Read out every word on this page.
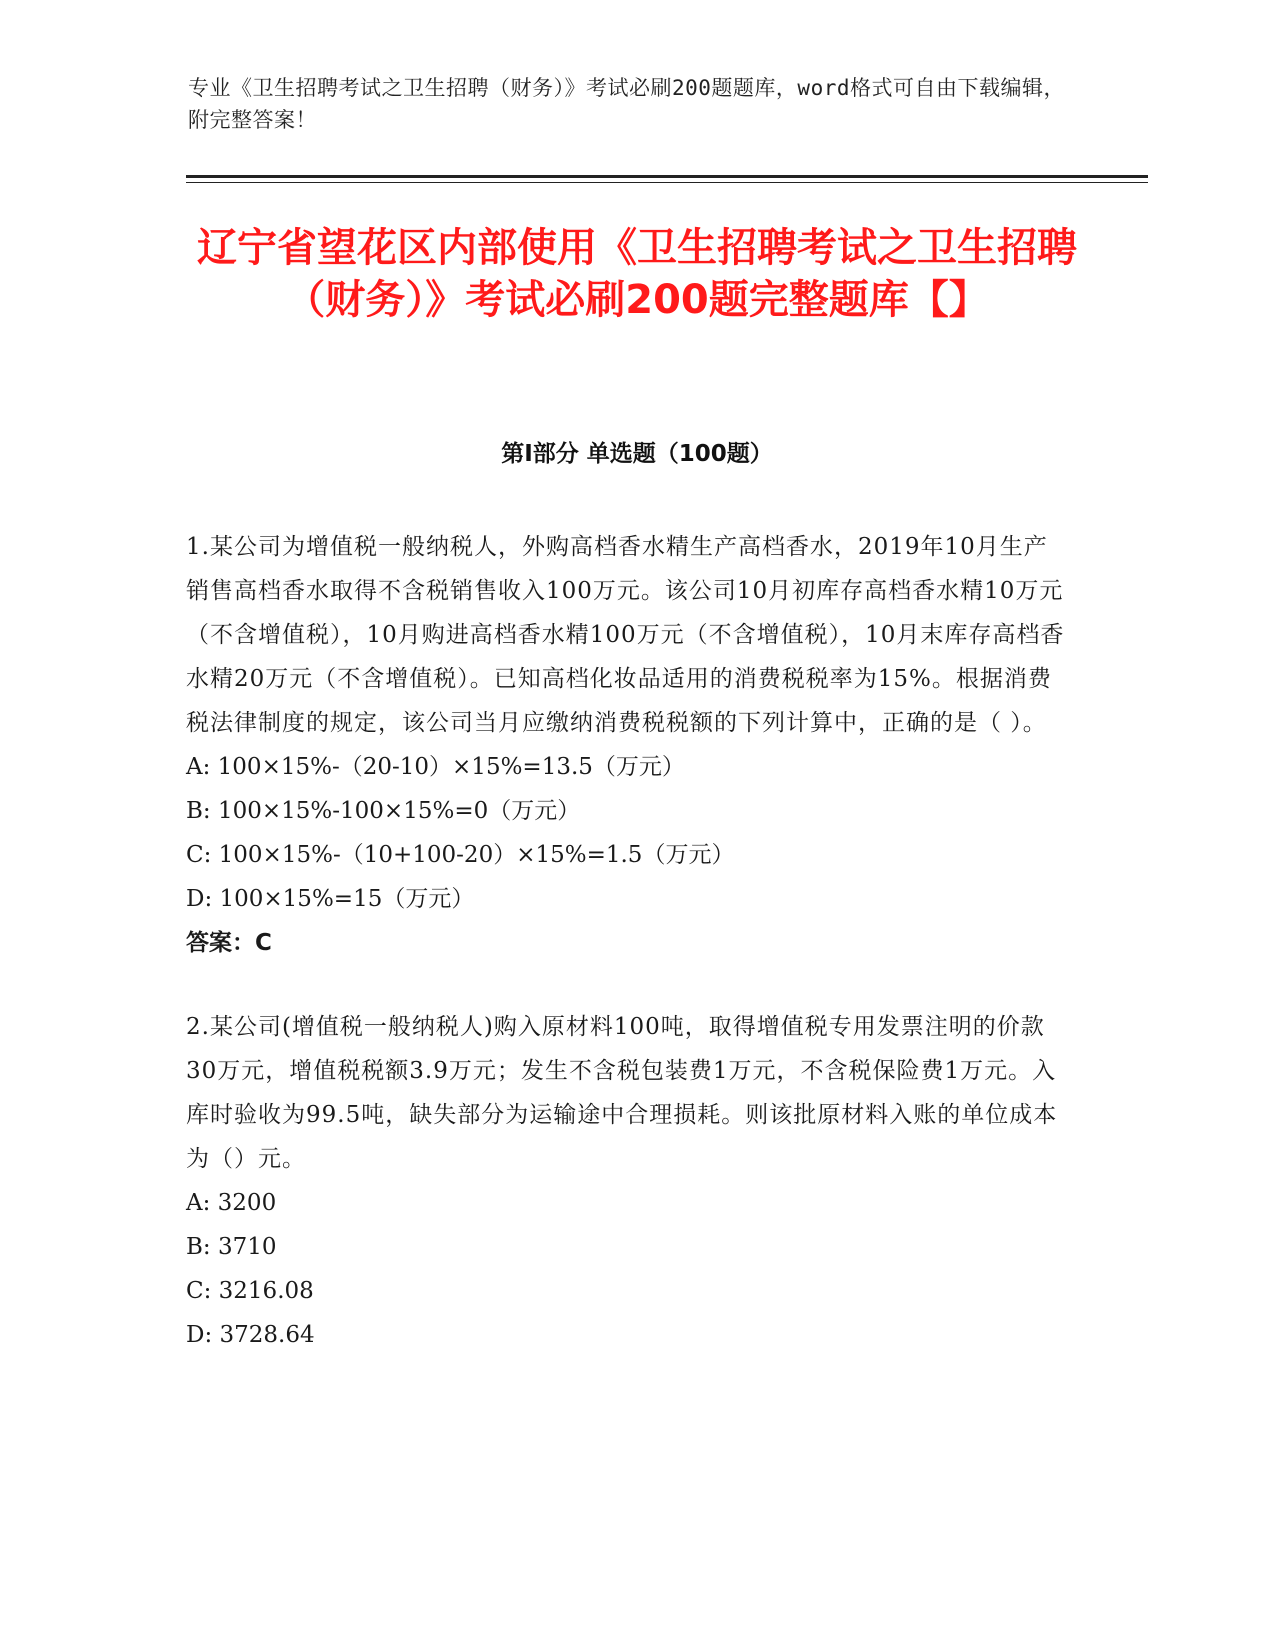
专业《卫生招聘考试之卫生招聘（财务）》考试必刷200题题库，word格式可自由下载编辑，附完整答案！
辽宁省望花区内部使用《卫生招聘考试之卫生招聘（财务）》考试必刷200题完整题库【】
第Ⅰ部分 单选题（100题）

1.某公司为增值税一般纳税人，外购高档香水精生产高档香水，2019年10月生产销售高档香水取得不含税销售收入100万元。该公司10月初库存高档香水精10万元（不含增值税），10月购进高档香水精100万元（不含增值税），10月末库存高档香水精20万元（不含增值税）。已知高档化妆品适用的消费税税率为15%。根据消费税法律制度的规定，该公司当月应缴纳消费税税额的下列计算中，正确的是（ ）。

A: 100×15%-（20-10）×15%=13.5（万元）

B: 100×15%-100×15%=0（万元）

C: 100×15%-（10+100-20）×15%=1.5（万元）

D: 100×15%=15（万元）

答案：C

2.某公司(增值税一般纳税人)购入原材料100吨，取得增值税专用发票注明的价款30万元，增值税税额3.9万元；发生不含税包装费1万元，不含税保险费1万元。入库时验收为99.5吨，缺失部分为运输途中合理损耗。则该批原材料入账的单位成本为（）元。

A: 3200

B: 3710

C: 3216.08

D: 3728.64
